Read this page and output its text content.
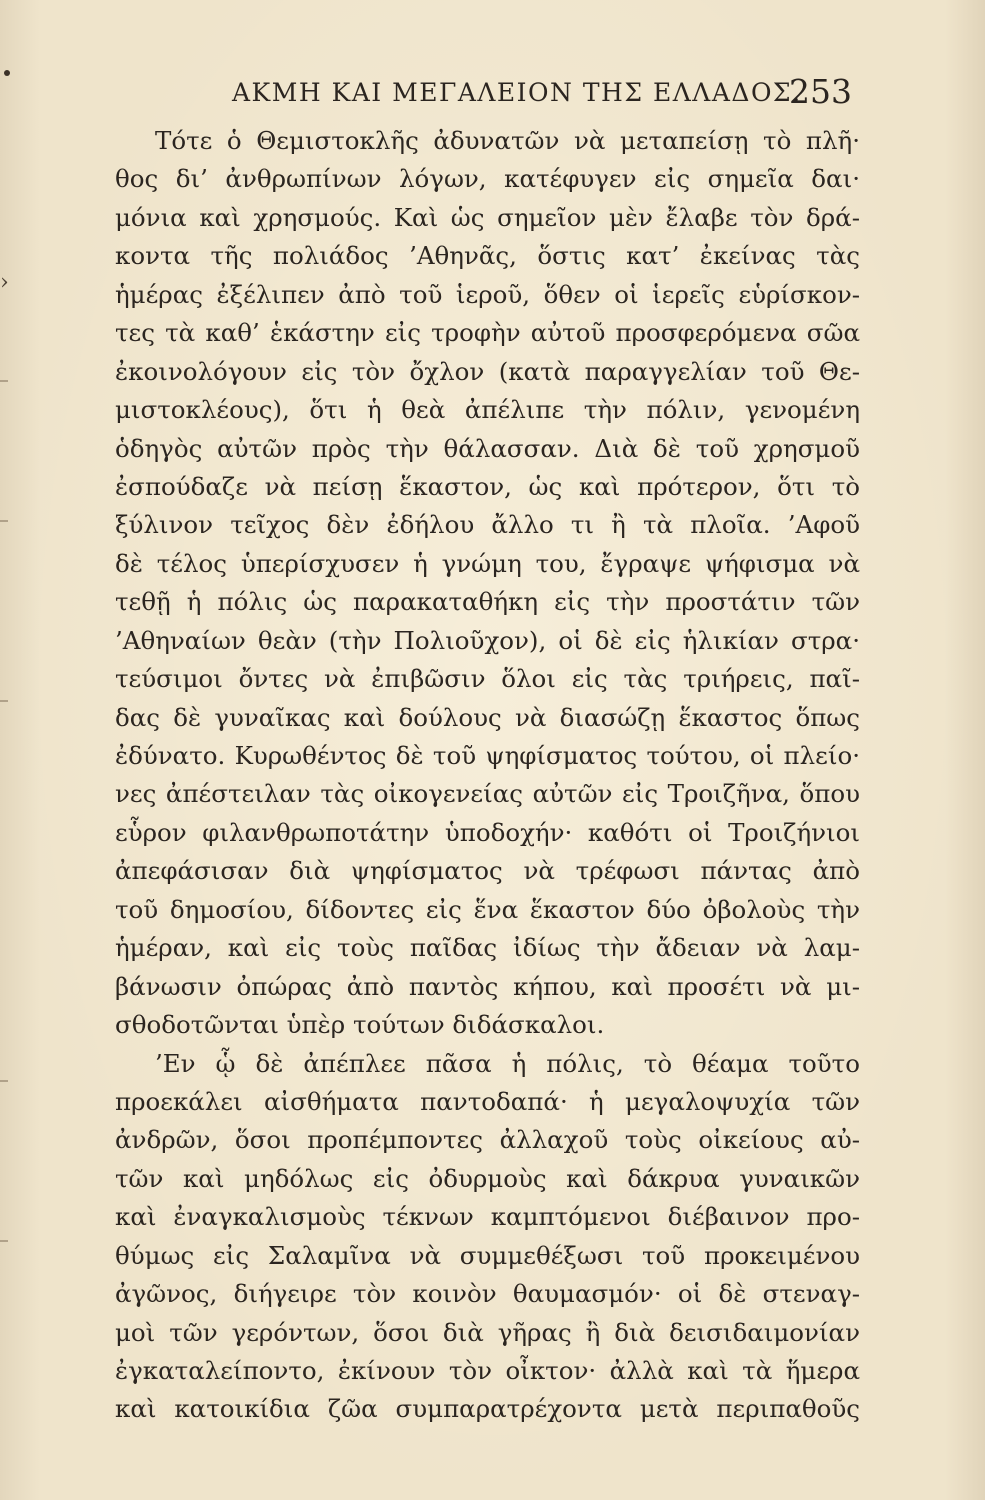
›
ΑΚΜΗ ΚΑΙ ΜΕΓΑΛΕΙΟΝ ΤΗΣ ΕΛΛΑΔΟΣ.
253
Τότε ὁ Θεμιστοκλῆς ἀδυνατῶν νὰ μεταπείσῃ τὸ πλῆ·
θος δι’ ἀνθρωπίνων λόγων, κατέφυγεν εἰς σημεῖα δαι·
μόνια καὶ χρησμούς. Καὶ ὡς σημεῖον μὲν ἔλαβε τὸν δρά-
κοντα τῆς πολιάδος ’Αθηνᾶς, ὅστις κατ’ ἐκείνας τὰς
ἡμέρας ἐξέλιπεν ἀπὸ τοῦ ἱεροῦ, ὅθεν οἱ ἱερεῖς εὑρίσκον-
τες τὰ καθ’ ἑκάστην εἰς τροφὴν αὐτοῦ προσφερόμενα σῶα
ἐκοινολόγουν εἰς τὸν ὄχλον (κατὰ παραγγελίαν τοῦ Θε-
μιστοκλέους), ὅτι ἡ θεὰ ἀπέλιπε τὴν πόλιν, γενομένη
ὁδηγὸς αὐτῶν πρὸς τὴν θάλασσαν. Διὰ δὲ τοῦ χρησμοῦ
ἐσπούδαζε νὰ πείσῃ ἕκαστον, ὡς καὶ πρότερον, ὅτι τὸ
ξύλινον τεῖχος δὲν ἐδήλου ἄλλο τι ἢ τὰ πλοῖα. ’Αφοῦ
δὲ τέλος ὑπερίσχυσεν ἡ γνώμη του, ἔγραψε ψήφισμα νὰ
τεθῇ ἡ πόλις ὡς παρακαταθήκη εἰς τὴν προστάτιν τῶν
’Αθηναίων θεὰν (τὴν Πολιοῦχον), οἱ δὲ εἰς ἡλικίαν στρα·
τεύσιμοι ὄντες νὰ ἐπιβῶσιν ὅλοι εἰς τὰς τριήρεις, παῖ-
δας δὲ γυναῖκας καὶ δούλους νὰ διασώζῃ ἕκαστος ὅπως
ἐδύνατο. Κυρωθέντος δὲ τοῦ ψηφίσματος τούτου, οἱ πλείο·
νες ἀπέστειλαν τὰς οἰκογενείας αὐτῶν εἰς Τροιζῆνα, ὅπου
εὗρον φιλανθρωποτάτην ὑποδοχήν· καθότι οἱ Τροιζήνιοι
ἀπεφάσισαν διὰ ψηφίσματος νὰ τρέφωσι πάντας ἀπὸ
τοῦ δημοσίου, δίδοντες εἰς ἕνα ἕκαστον δύο ὀβολοὺς τὴν
ἡμέραν, καὶ εἰς τοὺς παῖδας ἰδίως τὴν ἄδειαν νὰ λαμ-
βάνωσιν ὀπώρας ἀπὸ παντὸς κήπου, καὶ προσέτι νὰ μι-
σθοδοτῶνται ὑπὲρ τούτων διδάσκαλοι.
’Εν ᾧ δὲ ἀπέπλεε πᾶσα ἡ πόλις, τὸ θέαμα τοῦτο
προεκάλει αἰσθήματα παντοδαπά· ἡ μεγαλοψυχία τῶν
ἀνδρῶν, ὅσοι προπέμποντες ἀλλαχοῦ τοὺς οἰκείους αὐ-
τῶν καὶ μηδόλως εἰς ὀδυρμοὺς καὶ δάκρυα γυναικῶν
καὶ ἐναγκαλισμοὺς τέκνων καμπτόμενοι διέβαινον προ-
θύμως εἰς Σαλαμῖνα νὰ συμμεθέξωσι τοῦ προκειμένου
ἀγῶνος, διήγειρε τὸν κοινὸν θαυμασμόν· οἱ δὲ στεναγ-
μοὶ τῶν γερόντων, ὅσοι διὰ γῆρας ἢ διὰ δεισιδαιμονίαν
ἐγκαταλείποντο, ἐκίνουν τὸν οἶκτον· ἀλλὰ καὶ τὰ ἥμερα
καὶ κατοικίδια ζῶα συμπαρατρέχοντα μετὰ περιπαθοῦς
